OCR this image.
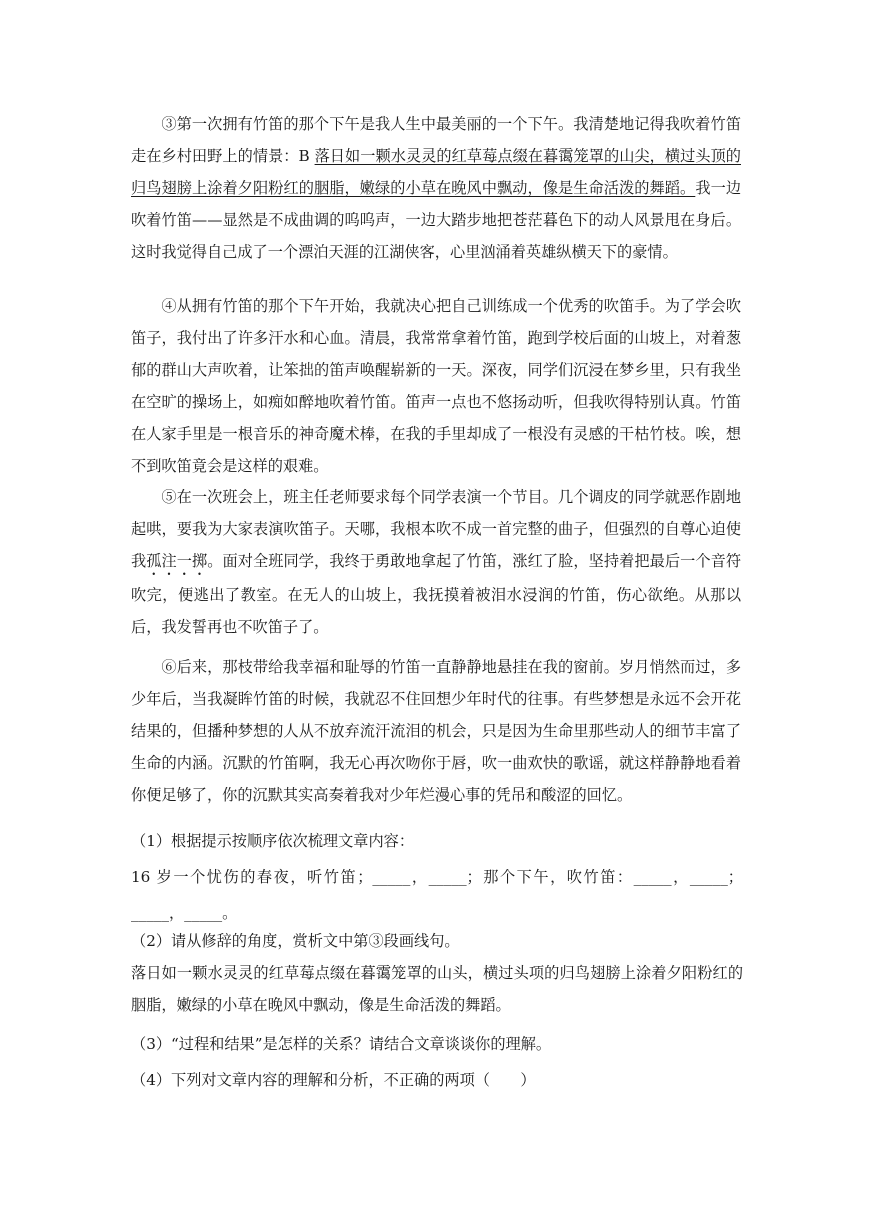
③第一次拥有竹笛的那个下午是我人生中最美丽的一个下午。我清楚地记得我吹着竹笛走在乡村田野上的情景：B 落日如一颗水灵灵的红草莓点缀在暮霭笼罩的山尖，横过头顶的归鸟翅膀上涂着夕阳粉红的胭脂，嫩绿的小草在晚风中飘动，像是生命活泼的舞蹈。我一边吹着竹笛——显然是不成曲调的呜呜声，一边大踏步地把苍茫暮色下的动人风景甩在身后。这时我觉得自己成了一个漂泊天涯的江湖侠客，心里汹涌着英雄纵横天下的豪情。

④从拥有竹笛的那个下午开始，我就决心把自己训练成一个优秀的吹笛手。为了学会吹笛子，我付出了许多汗水和心血。清晨，我常常拿着竹笛，跑到学校后面的山坡上，对着葱郁的群山大声吹着，让笨拙的笛声唤醒崭新的一天。深夜，同学们沉浸在梦乡里，只有我坐在空旷的操场上，如痴如醉地吹着竹笛。笛声一点也不悠扬动听，但我吹得特别认真。竹笛在人家手里是一根音乐的神奇魔术棒，在我的手里却成了一根没有灵感的干枯竹枝。唉，想不到吹笛竟会是这样的艰难。

⑤在一次班会上，班主任老师要求每个同学表演一个节目。几个调皮的同学就恶作剧地起哄，要我为大家表演吹笛子。天哪，我根本吹不成一首完整的曲子，但强烈的自尊心迫使我孤注一掷。面对全班同学，我终于勇敢地拿起了竹笛，涨红了脸，坚持着把最后一个音符吹完，便逃出了教室。在无人的山坡上，我抚摸着被泪水浸润的竹笛，伤心欲绝。从那以后，我发誓再也不吹笛子了。

⑥后来，那枝带给我幸福和耻辱的竹笛一直静静地悬挂在我的窗前。岁月悄然而过，多少年后，当我凝眸竹笛的时候，我就忍不住回想少年时代的往事。有些梦想是永远不会开花结果的，但播种梦想的人从不放弃流汗流泪的机会，只是因为生命里那些动人的细节丰富了生命的内涵。沉默的竹笛啊，我无心再次吻你于唇，吹一曲欢快的歌谣，就这样静静地看着你便足够了，你的沉默其实高奏着我对少年烂漫心事的凭吊和酸涩的回忆。

（1）根据提示按顺序依次梳理文章内容：

16 岁一个忧伤的春夜，听竹笛；_____，_____；那个下午，吹竹笛：_____，_____；_____，_____。

（2）请从修辞的角度，赏析文中第③段画线句。

落日如一颗水灵灵的红草莓点缀在暮霭笼罩的山头，横过头项的归鸟翅膀上涂着夕阳粉红的胭脂，嫩绿的小草在晚风中飘动，像是生命活泼的舞蹈。

（3）“过程和结果”是怎样的关系？请结合文章谈谈你的理解。

（4）下列对文章内容的理解和分析，不正确的两项（　　）
